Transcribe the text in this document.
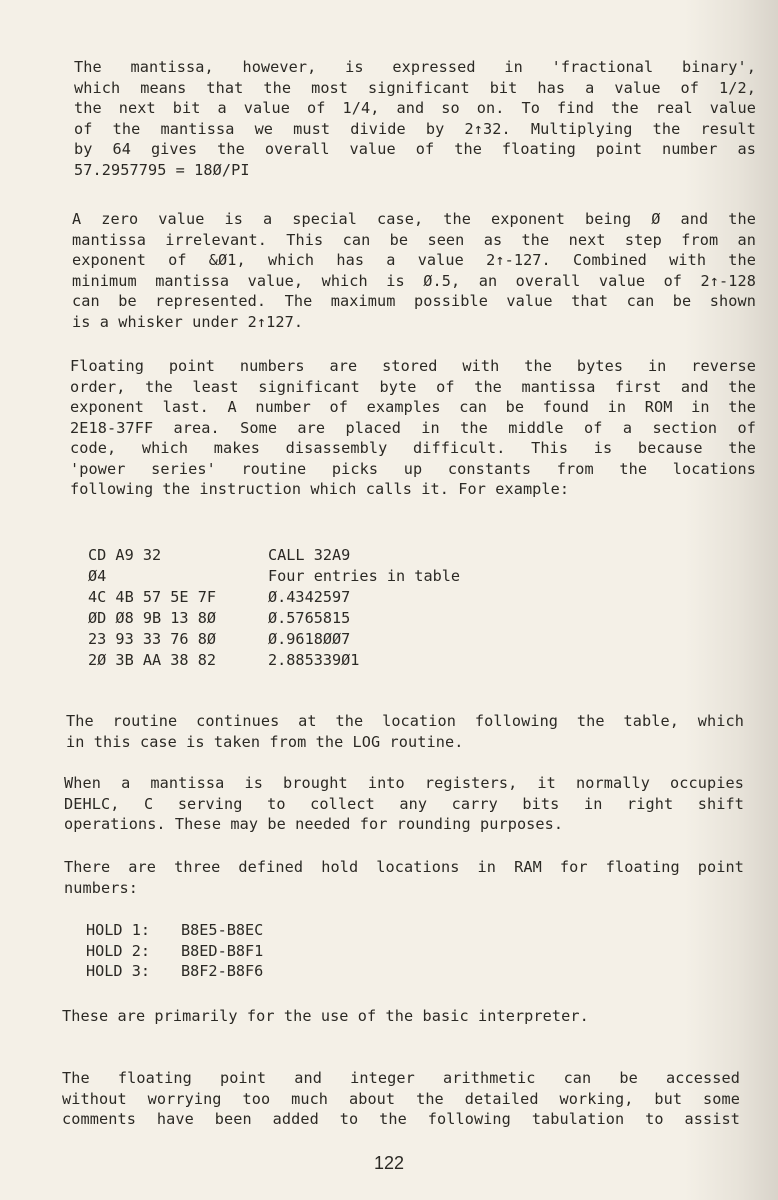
The mantissa, however, is expressed in 'fractional binary',
which means that the most significant bit has a value of 1/2,
the next bit a value of 1/4, and so on. To find the real value
of the mantissa we must divide by 2↑32. Multiplying the result
by 64 gives the overall value of the floating point number as
57.2957795 = 18Ø/PI
A zero value is a special case, the exponent being Ø and the
mantissa irrelevant. This can be seen as the next step from an
exponent of &Ø1, which has a value 2↑-127. Combined with the
minimum mantissa value, which is Ø.5, an overall value of 2↑-128
can be represented. The maximum possible value that can be shown
is a whisker under 2↑127.
Floating point numbers are stored with the bytes in reverse
order, the least significant byte of the mantissa first and the
exponent last. A number of examples can be found in ROM in the
2E18-37FF area. Some are placed in the middle of a section of
code, which makes disassembly difficult. This is because the
'power series' routine picks up constants from the locations
following the instruction which calls it. For example:
CD A9 32	CALL 32A9
Ø4	Four entries in table
4C 4B 57 5E 7F	Ø.4342597
ØD Ø8 9B 13 8Ø	Ø.5765815
23 93 33 76 8Ø	Ø.9618ØØ7
2Ø 3B AA 38 82	2.885339Ø1
The routine continues at the location following the table, which
in this case is taken from the LOG routine.
When a mantissa is brought into registers, it normally occupies
DEHLC, C serving to collect any carry bits in right shift
operations. These may be needed for rounding purposes.
There are three defined hold locations in RAM for floating point
numbers:
HOLD 1:	B8E5-B8EC
HOLD 2:	B8ED-B8F1
HOLD 3:	B8F2-B8F6
These are primarily for the use of the basic interpreter.
The floating point and integer arithmetic can be accessed
without worrying too much about the detailed working, but some
comments have been added to the following tabulation to assist
122
